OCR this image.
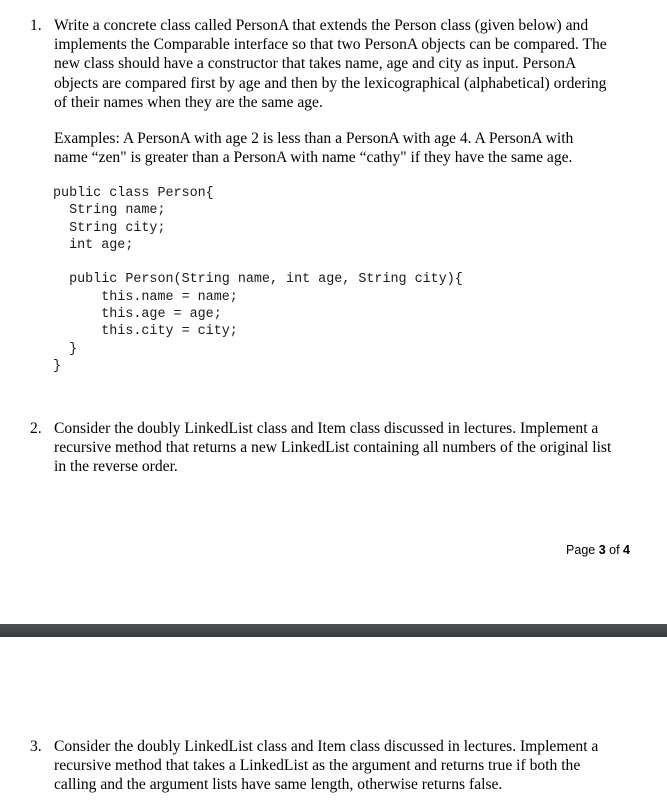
1. Write a concrete class called PersonA that extends the Person class (given below) and
implements the Comparable interface so that two PersonA objects can be compared. The
new class should have a constructor that takes name, age and city as input. PersonA
objects are compared first by age and then by the lexicographical (alphabetical) ordering
of their names when they are the same age.
Examples: A PersonA with age 2 is less than a PersonA with age 4. A PersonA with
name “zen" is greater than a PersonA with name “cathy" if they have the same age.
public class Person{
String name;
String city;
int age;

public Person(String name, int age, String city){
this.name = name;
this.age = age;
this.city = city;
}
}
2. Consider the doubly LinkedList class and Item class discussed in lectures. Implement a
recursive method that returns a new LinkedList containing all numbers of the original list
in the reverse order.
Page 3 of 4
3. Consider the doubly LinkedList class and Item class discussed in lectures. Implement a
recursive method that takes a LinkedList as the argument and returns true if both the
calling and the argument lists have same length, otherwise returns false.
